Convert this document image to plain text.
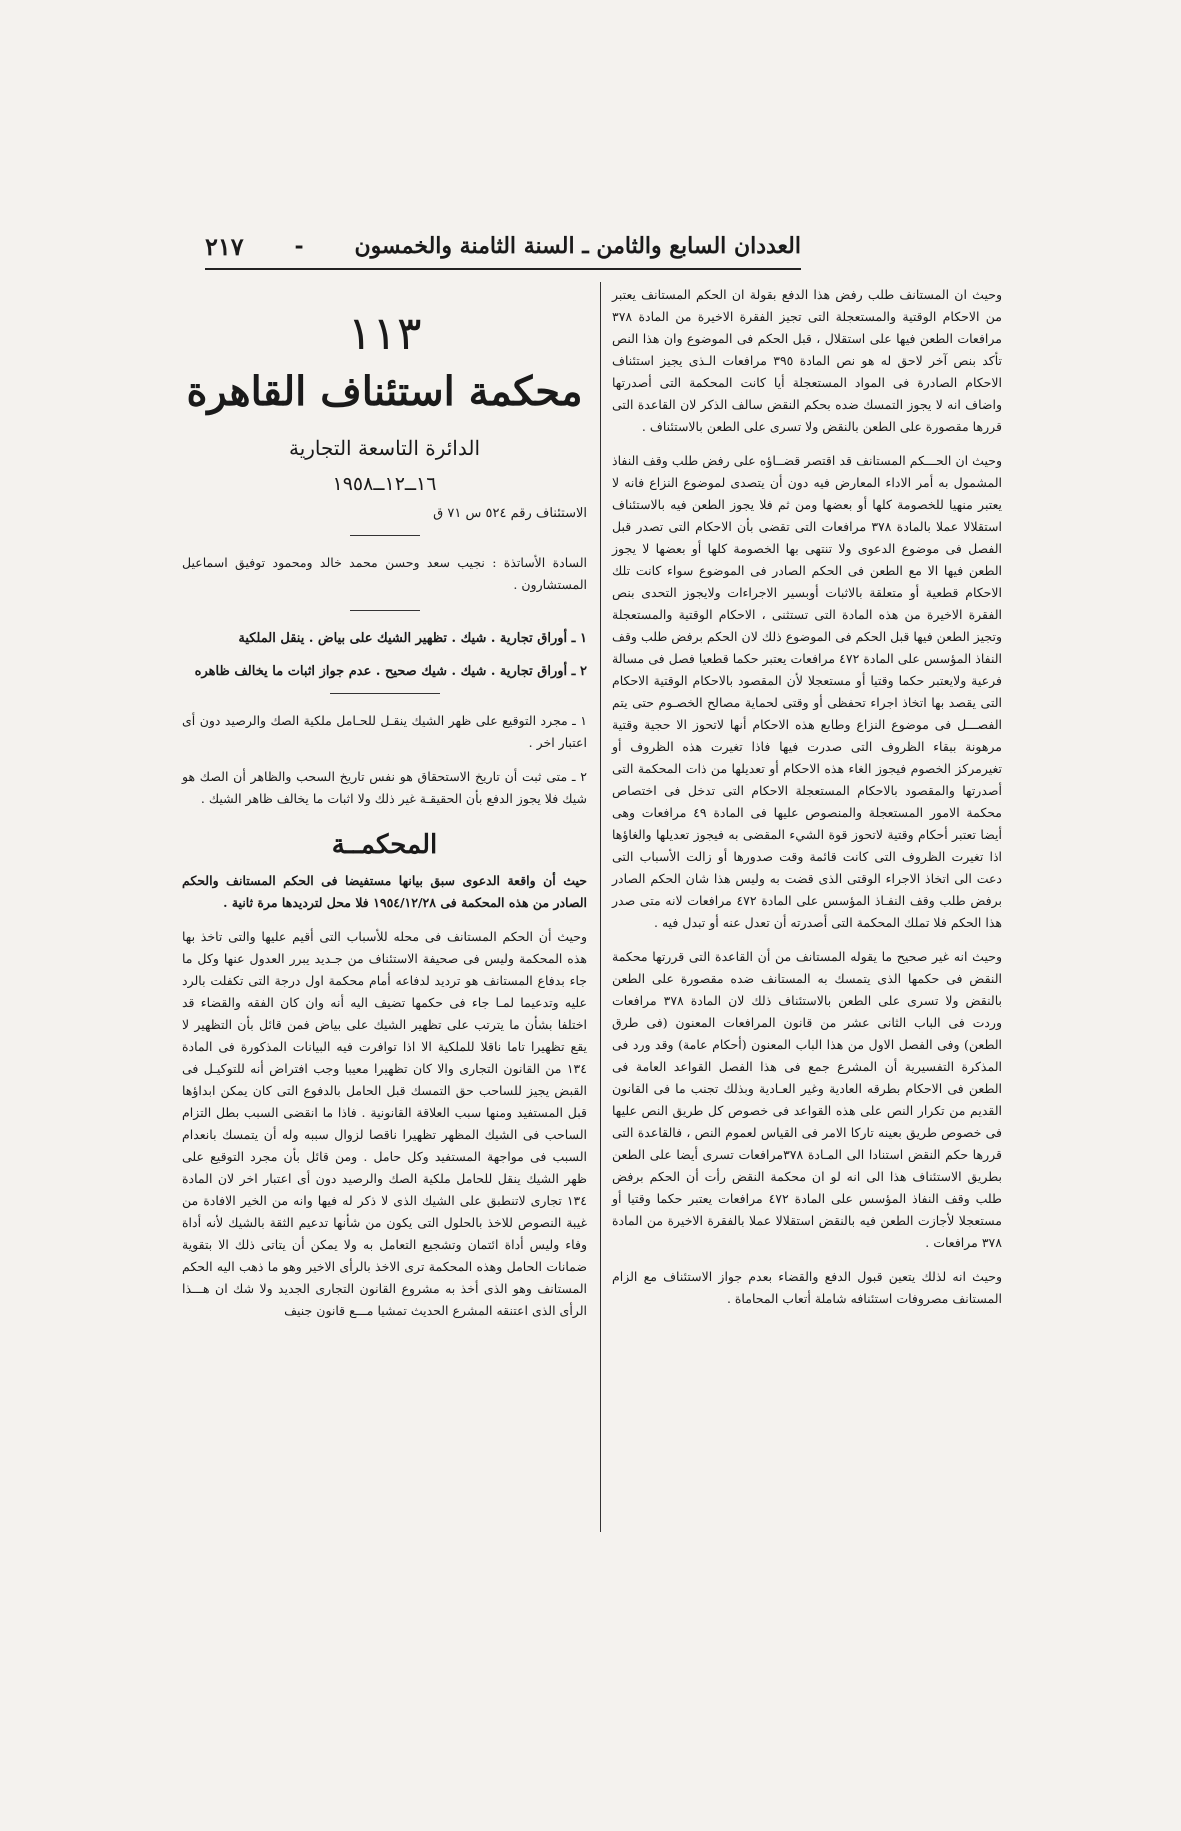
العددان السابع والثامن ـ السنة الثامنة والخمسون
-
٢١٧

وحيث ان المستانف طلب رفض هذا الدفع بقولة ان الحكم المستانف يعتبر من الاحكام الوقتية والمستعجلة التى تجيز الفقرة الاخيرة من المادة ٣٧٨ مرافعات الطعن فيها على استقلال ، قبل الحكم فى الموضوع وان هذا النص تأكد بنص آخر لاحق له هو نص المادة ٣٩٥ مرافعات الـذى يجيز استئناف الاحكام الصادرة فى المواد المستعجلة أيا كانت المحكمة التى أصدرتها واضاف انه لا يجوز التمسك ضده بحكم النقض سالف الذكر لان القاعدة التى قررها مقصورة على الطعن بالنقض ولا تسرى على الطعن بالاستئناف .

وحيث ان الحـــكم المستانف قد اقتصر قضــاؤه على رفض طلب وقف النفاذ المشمول به أمر الاداء المعارض فيه دون أن يتصدى لموضوع النزاع فانه لا يعتبر منهيا للخصومة كلها أو بعضها ومن ثم فلا يجوز الطعن فيه بالاستئناف استقلالا عملا بالمادة ٣٧٨ مرافعات التى تقضى بأن الاحكام التى تصدر قبل الفصل فى موضوع الدعوى ولا تنتهى بها الخصومة كلها أو بعضها لا يجوز الطعن فيها الا مع الطعن فى الحكم الصادر فى الموضوع سواء كانت تلك الاحكام قطعية أو متعلقة بالاثبات أوبسير الاجراءات ولايجوز التحدى بنص الفقرة الاخيرة من هذه المادة التى تستثنى ، الاحكام الوقتية والمستعجلة وتجيز الطعن فيها قبل الحكم فى الموضوع ذلك لان الحكم برفض طلب وقف النفاذ المؤسس على المادة ٤٧٢ مرافعات يعتبر حكما قطعيا فصل فى مسالة فرعية ولايعتبر حكما وقتيا أو مستعجلا لأن المقصود بالاحكام الوقتية الاحكام التى يقصد بها اتخاذ اجراء تحفظى أو وقتى لحماية مصالح الخصـوم حتى يتم الفصـــل فى موضوع النزاع وطابع هذه الاحكام أنها لاتحوز الا حجية وقتية مرهونة ببقاء الظروف التى صدرت فيها فاذا تغيرت هذه الظروف أو تغيرمركز الخصوم فيجوز الغاء هذه الاحكام أو تعديلها من ذات المحكمة التى أصدرتها والمقصود بالاحكام المستعجلة الاحكام التى تدخل فى اختصاص محكمة الامور المستعجلة والمنصوص عليها فى المادة ٤٩ مرافعات وهى أيضا تعتبر أحكام وقتية لاتحوز قوة الشيء المقضى به فيجوز تعديلها والغاؤها اذا تغيرت الظروف التى كانت قائمة وقت صدورها أو زالت الأسباب التى دعت الى اتخاذ الاجراء الوقتى الذى قضت به وليس هذا شان الحكم الصادر برفض طلب وقف النفـاذ المؤسس على المادة ٤٧٢ مرافعات لانه متى صدر هذا الحكم فلا تملك المحكمة التى أصدرته أن تعدل عنه أو تبدل فيه .

وحيث انه غير صحيح ما يقوله المستانف من أن القاعدة التى قررتها محكمة النقض فى حكمها الذى يتمسك به المستانف ضده مقصورة على الطعن بالنقض ولا تسرى على الطعن بالاستئناف ذلك لان المادة ٣٧٨ مرافعات وردت فى الباب الثانى عشر من قانون المرافعات المعنون (فى طرق الطعن) وفى الفصل الاول من هذا الباب المعنون (أحكام عامة) وقد ورد فى المذكرة التفسيرية أن المشرع جمع فى هذا الفصل القواعد العامة فى الطعن فى الاحكام بطرقه العادية وغير العـادية وبذلك تجنب ما فى القانون القديم من تكرار النص على هذه القواعد فى خصوص كل طريق النص عليها فى خصوص طريق بعينه تاركا الامر فى القياس لعموم النص ، فالقاعدة التى قررها حكم النقض استنادا الى المـادة ٣٧٨مرافعات تسرى أيضا على الطعن بطريق الاستئناف هذا الى انه لو ان محكمة النقض رأت أن الحكم برفض طلب وقف النفاذ المؤسس على المادة ٤٧٢ مرافعات يعتبر حكما وقتيا أو مستعجلا لأجازت الطعن فيه بالنقض استقلالا عملا بالفقرة الاخيرة من المادة ٣٧٨ مرافعات .

وحيث انه لذلك يتعين قبول الدفع والقضاء بعدم جواز الاستئناف مع الزام المستانف مصروفات استئنافه شاملة أتعاب المحاماة .

١١٣
محكمة استئناف القاهرة
الدائرة التاسعة التجارية
١٦ــ١٢ــ١٩٥٨
الاستئناف رقم ٥٢٤ س ٧١ ق
السادة الأساتذة : نجيب سعد وحسن محمد خالد ومحمود توفيق اسماعيل المستشارون .
١ ـ أوراق تجارية . شيك . تظهير الشيك على بياض . ينقل الملكية
٢ ـ أوراق تجارية . شيك . شيك صحيح . عدم جواز اثبات ما يخالف ظاهره
١ ـ مجرد التوقيع على ظهر الشيك ينقـل للحـامل ملكية الصك والرصيد دون أى اعتبار اخر .
٢ ـ متى ثبت أن تاريخ الاستحقاق هو نفس تاريخ السحب والظاهر أن الصك هو شيك فلا يجوز الدفع بأن الحقيقـة غير ذلك ولا اثبات ما يخالف ظاهر الشيك .
المحكمــة

حيث أن واقعة الدعوى سبق بيانها مستفيضا فى الحكم المستانف والحكم الصادر من هذه المحكمة فى ١٩٥٤/١٢/٢٨ فلا محل لترديدها مرة ثانية .

وحيث أن الحكم المستانف فى محله للأسباب التى أقيم عليها والتى تاخذ بها هذه المحكمة وليس فى صحيفة الاستئناف من جـديد يبرر العدول عنها وكل ما جاء بدفاع المستانف هو ترديد لدفاعه أمام محكمة اول درجة التى تكفلت بالرد عليه وتدعيما لمـا جاء فى حكمها تضيف اليه أنه وان كان الفقه والقضاء قد اختلفا بشأن ما يترتب على تظهير الشيك على بياض فمن قائل بأن التظهير لا يقع تظهيرا تاما ناقلا للملكية الا اذا توافرت فيه البيانات المذكورة فى المادة ١٣٤ من القانون التجارى والا كان تظهيرا معيبا وجب افتراض أنه للتوكيـل فى القبض يجيز للساحب حق التمسك قبل الحامل بالدفوع التى كان يمكن ابداؤها قبل المستفيد ومنها سبب العلاقة القانونية . فاذا ما انقضى السبب بطل التزام الساحب فى الشيك المظهر تظهيرا ناقصا لزوال سببه وله أن يتمسك بانعدام السبب فى مواجهة المستفيد وكل حامل . ومن قائل بأن مجرد التوقيع على ظهر الشيك ينقل للحامل ملكية الصك والرصيد دون أى اعتبار اخر لان المادة ١٣٤ تجارى لاتنطبق على الشيك الذى لا ذكر له فيها وانه من الخير الافادة من غيبة النصوص للاخذ بالحلول التى يكون من شأنها تدعيم الثقة بالشيك لأنه أداة وفاء وليس أداة ائتمان وتشجيع التعامل به ولا يمكن أن يتاتى ذلك الا بتقوية ضمانات الحامل وهذه المحكمة ترى الاخذ بالرأى الاخير وهو ما ذهب اليه الحكم المستانف وهو الذى أخذ به مشروع القانون التجارى الجديد ولا شك ان هـــذا الرأى الذى اعتنقه المشرع الحديث تمشيا مـــع قانون جنيف
